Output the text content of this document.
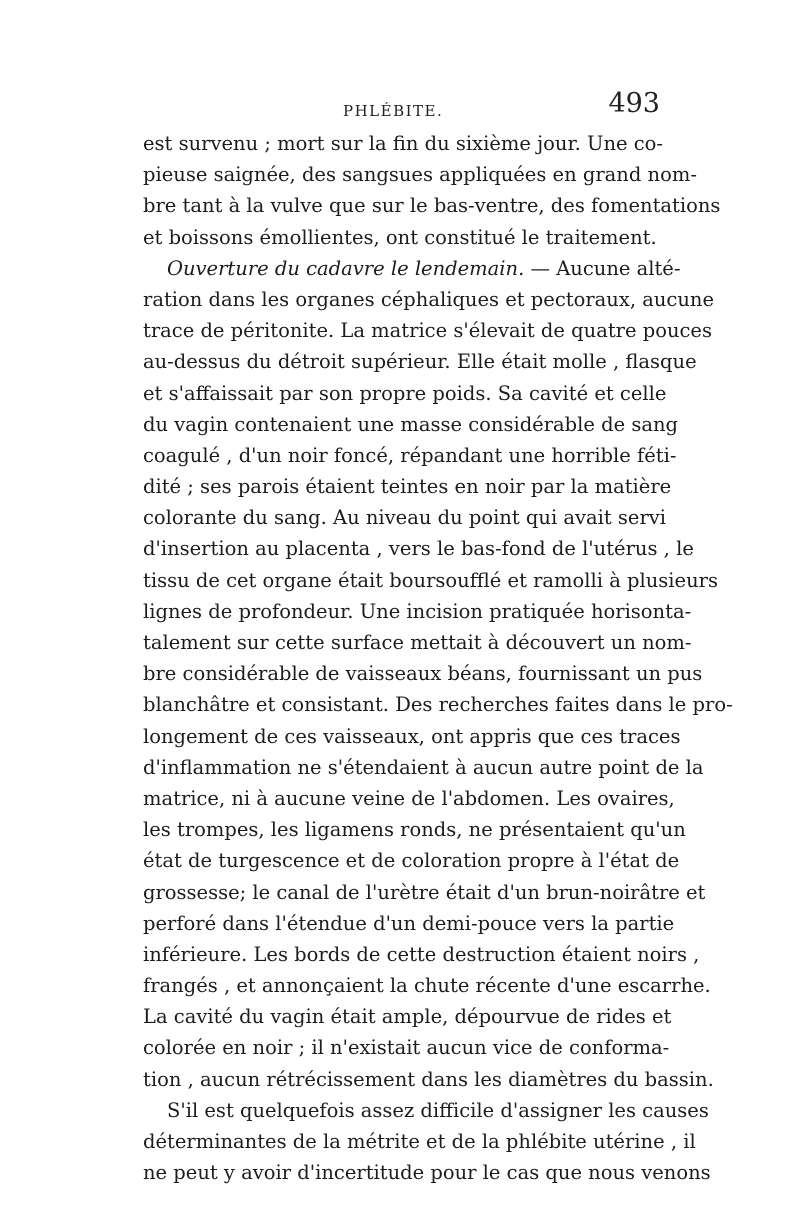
PHLÉBITE.	493
est survenu ; mort sur la fin du sixième jour. Une co-
pieuse saignée, des sangsues appliquées en grand nom-
bre tant à la vulve que sur le bas-ventre, des fomentations
et boissons émollientes, ont constitué le traitement.
Ouverture du cadavre le lendemain. — Aucune alté-
ration dans les organes céphaliques et pectoraux, aucune
trace de péritonite. La matrice s'élevait de quatre pouces
au-dessus du détroit supérieur. Elle était molle , flasque
et s'affaissait par son propre poids. Sa cavité et celle
du vagin contenaient une masse considérable de sang
coagulé , d'un noir foncé, répandant une horrible féti-
dité ; ses parois étaient teintes en noir par la matière
colorante du sang. Au niveau du point qui avait servi
d'insertion au placenta , vers le bas-fond de l'utérus , le
tissu de cet organe était boursoufflé et ramolli à plusieurs
lignes de profondeur. Une incision pratiquée horisonta-
talement sur cette surface mettait à découvert un nom-
bre considérable de vaisseaux béans, fournissant un pus
blanchâtre et consistant. Des recherches faites dans le pro-
longement de ces vaisseaux, ont appris que ces traces
d'inflammation ne s'étendaient à aucun autre point de la
matrice, ni à aucune veine de l'abdomen. Les ovaires,
les trompes, les ligamens ronds, ne présentaient qu'un
état de turgescence et de coloration propre à l'état de
grossesse; le canal de l'urètre était d'un brun-noirâtre et
perforé dans l'étendue d'un demi-pouce vers la partie
inférieure. Les bords de cette destruction étaient noirs ,
frangés , et annonçaient la chute récente d'une escarrhe.
La cavité du vagin était ample, dépourvue de rides et
colorée en noir ; il n'existait aucun vice de conforma-
tion , aucun rétrécissement dans les diamètres du bassin.
S'il est quelquefois assez difficile d'assigner les causes
déterminantes de la métrite et de la phlébite utérine , il
ne peut y avoir d'incertitude pour le cas que nous venons
